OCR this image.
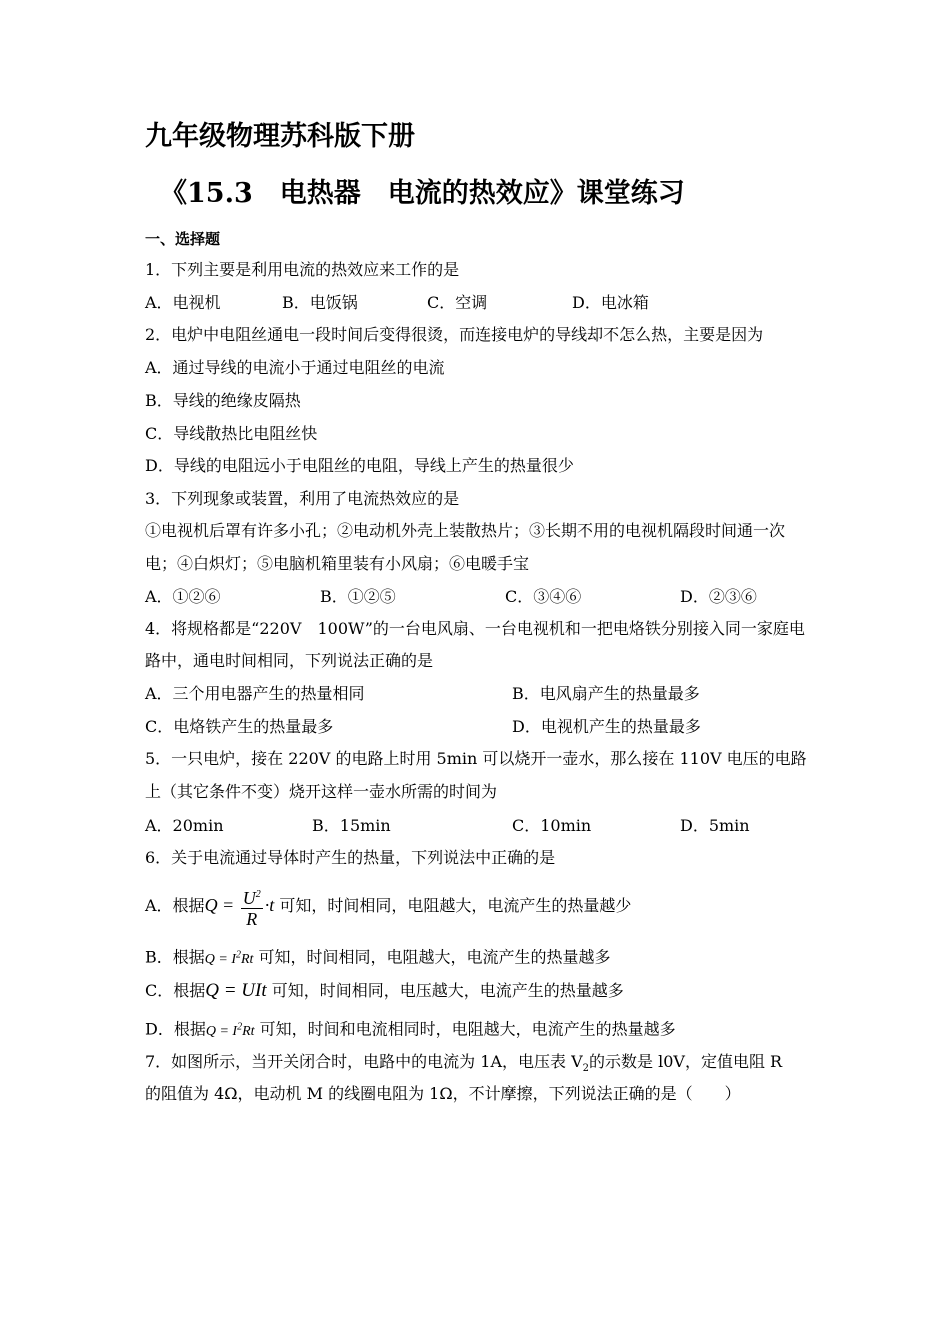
九年级物理苏科版下册
《15.3 电热器 电流的热效应》课堂练习
一、选择题
1．下列主要是利用电流的热效应来工作的是
A．电视机	B．电饭锅	C．空调	D．电冰箱
2．电炉中电阻丝通电一段时间后变得很烫，而连接电炉的导线却不怎么热，主要是因为
A．通过导线的电流小于通过电阻丝的电流
B．导线的绝缘皮隔热
C．导线散热比电阻丝快
D．导线的电阻远小于电阻丝的电阻，导线上产生的热量很少
3．下列现象或装置，利用了电流热效应的是
①电视机后罩有许多小孔；②电动机外壳上装散热片；③长期不用的电视机隔段时间通一次
电；④白炽灯；⑤电脑机箱里装有小风扇；⑥电暖手宝
A．①②⑥	B．①②⑤	C．③④⑥	D．②③⑥
4．将规格都是“220V　100W”的一台电风扇、一台电视机和一把电烙铁分别接入同一家庭电
路中，通电时间相同，下列说法正确的是
A．三个用电器产生的热量相同	B．电风扇产生的热量最多
C．电烙铁产生的热量最多	D．电视机产生的热量最多
5．一只电炉，接在 220V 的电路上时用 5min 可以烧开一壶水，那么接在 110V 电压的电路
上（其它条件不变）烧开这样一壶水所需的时间为
A．20min	B．15min	C．10min	D．5min
6．关于电流通过导体时产生的热量，下列说法中正确的是
A．根据$Q = \frac{U^2}{R} \cdot t$ 可知，时间相同，电阻越大，电流产生的热量越少
B．根据$Q = I^2Rt$ 可知，时间相同，电阻越大，电流产生的热量越多
C．根据Q = UIt 可知，时间相同，电压越大，电流产生的热量越多
D．根据$Q = I^2Rt$ 可知，时间和电流相同时，电阻越大，电流产生的热量越多
7．如图所示，当开关闭合时，电路中的电流为 1A，电压表 $V_2$的示数是 l0V，定值电阻 R
的阻值为 4Ω，电动机 M 的线圈电阻为 1Ω，不计摩擦，下列说法正确的是（　　）
